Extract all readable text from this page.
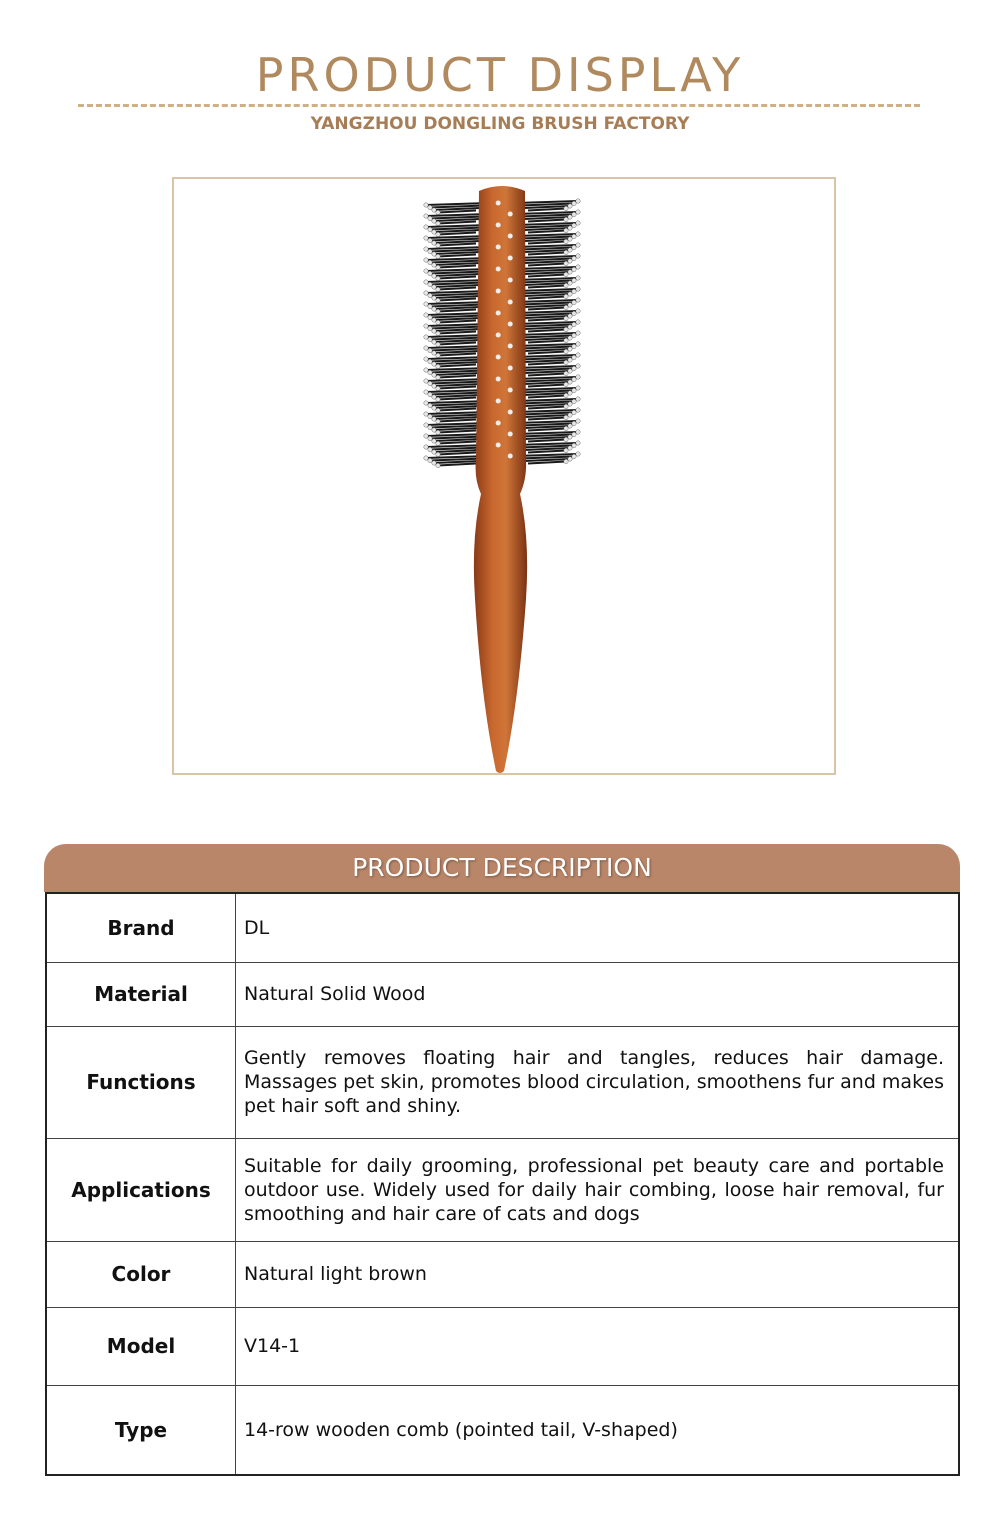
PRODUCT DISPLAY
YANGZHOU DONGLING BRUSH FACTORY
PRODUCT DESCRIPTION
Brand	DL
Material	Natural Solid Wood
Functions	Gently removes floating hair and tangles, reduces hair damage. Massages pet skin, promotes blood circulation, smoothens fur and makes pet hair soft and shiny.
Applications	Suitable for daily grooming, professional pet beauty care and portable outdoor use. Widely used for daily hair combing, loose hair removal, fur smoothing and hair care of cats and dogs
Color	Natural light brown
Model	V14-1
Type	14-row wooden comb (pointed tail, V-shaped)
